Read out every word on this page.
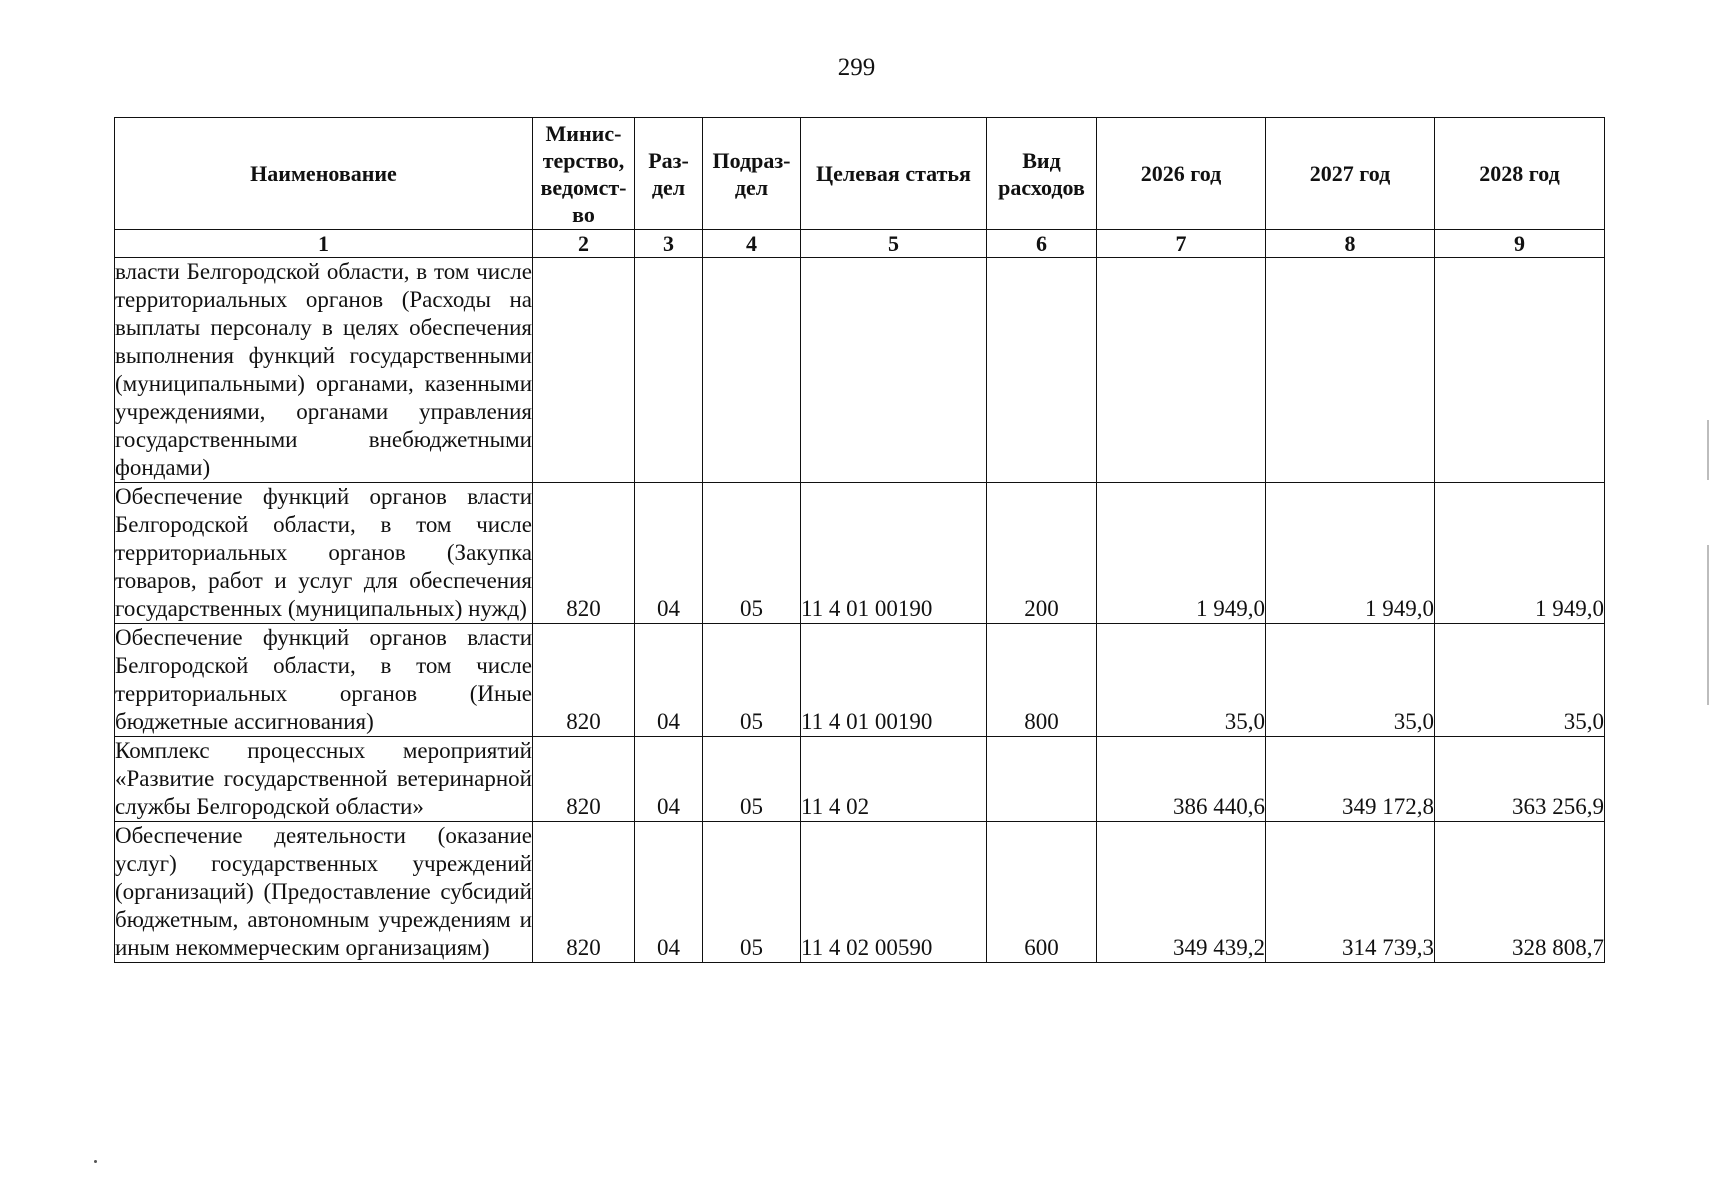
299
Наименование	Минис-терство, ведомст-во	Раз-дел	Подраз-дел	Целевая статья	Вид расходов	2026 год	2027 год	2028 год
1	2	3	4	5	6	7	8	9
власти Белгородской области, в том числе территориальных органов (Расходы на выплаты персоналу в целях обеспечения выполнения функций государственными (муниципальными) органами, казенными учреждениями, органами управления государственными внебюджетными фондами)								
Обеспечение функций органов власти Белгородской области, в том числе территориальных органов (Закупка товаров, работ и услуг для обеспечения государственных (муниципальных) нужд)	820	04	05	11 4 01 00190	200	1 949,0	1 949,0	1 949,0
Обеспечение функций органов власти Белгородской области, в том числе территориальных органов (Иные бюджетные ассигнования)	820	04	05	11 4 01 00190	800	35,0	35,0	35,0
Комплекс процессных мероприятий «Развитие государственной ветеринарной службы Белгородской области»	820	04	05	11 4 02		386 440,6	349 172,8	363 256,9
Обеспечение деятельности (оказание услуг) государственных учреждений (организаций) (Предоставление субсидий бюджетным, автономным учреждениям и иным некоммерческим организациям)	820	04	05	11 4 02 00590	600	349 439,2	314 739,3	328 808,7
